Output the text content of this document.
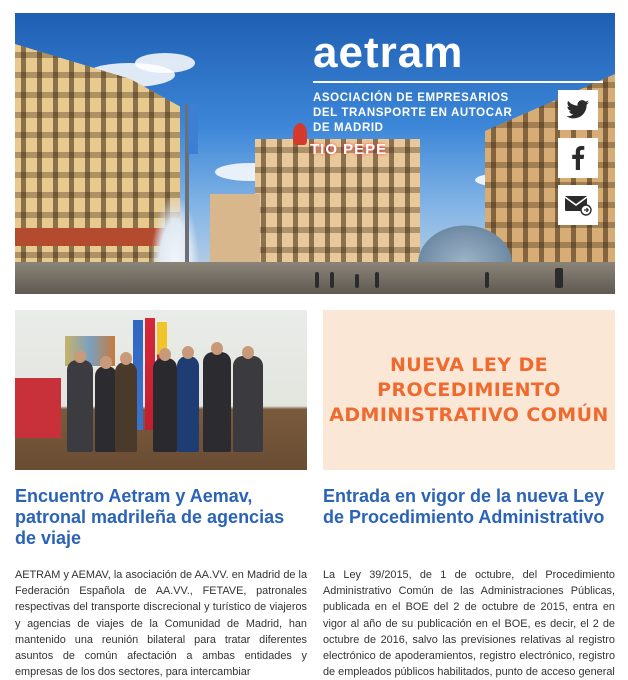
TIO PEPE
aetram
ASOCIACIÓN DE EMPRESARIOS
DEL TRANSPORTE EN AUTOCAR
DE MADRID
Encuentro Aetram y Aemav, patronal madrileña de agencias de viaje
AETRAM y AEMAV, la asociación de AA.VV. en Madrid de la Federación Española de AA.VV., FETAVE, patronales respectivas del transporte discrecional y turístico de viajeros y agencias de viajes de la Comunidad de Madrid, han mantenido una reunión bilateral para tratar diferentes asuntos de común afectación a ambas entidades y empresas de los dos sectores, para intercambiar
NUEVA LEY DE
PROCEDIMIENTO
ADMINISTRATIVO COMÚN
Entrada en vigor de la nueva Ley de Procedimiento Administrativo
La Ley 39/2015, de 1 de octubre, del Procedimiento Administrativo Común de las Administraciones Públicas, publicada en el BOE del 2 de octubre de 2015, entra en vigor al año de su publicación en el BOE, es decir, el 2 de octubre de 2016, salvo las previsiones relativas al registro electrónico de apoderamientos, registro electrónico, registro de empleados públicos habilitados, punto de acceso general
